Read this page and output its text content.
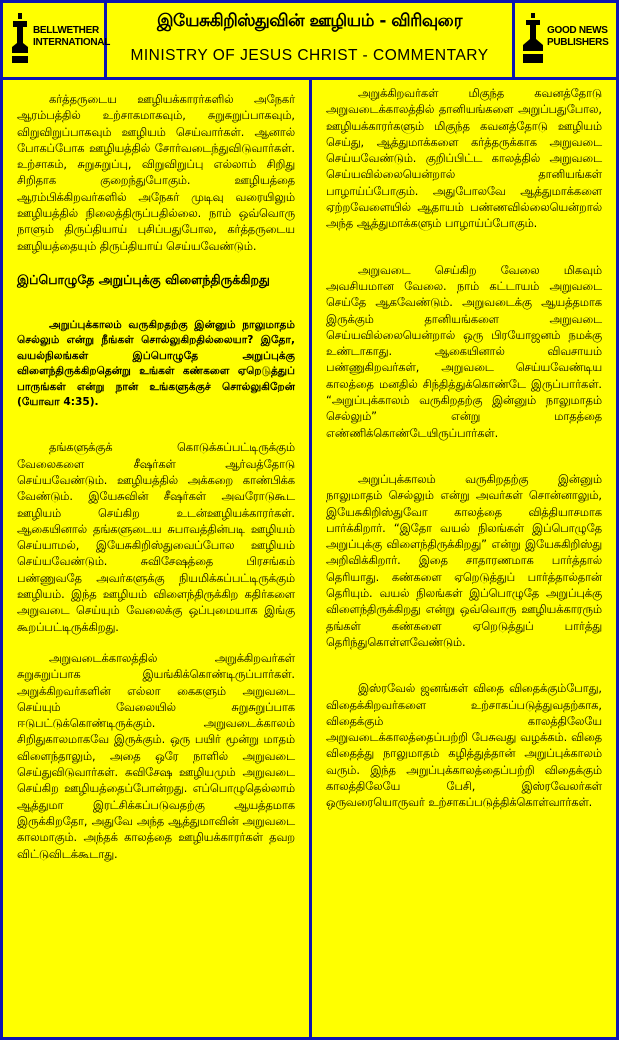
BELLWETHER INTERNATIONAL
இயேசுகிறிஸ்துவின் ஊழியம் - விரிவுரை
MINISTRY OF JESUS CHRIST - COMMENTARY
GOOD NEWS PUBLISHERS

கர்த்தருடைய ஊழியக்காரர்களில் அநேகர் ஆரம்பத்தில் உற்சாகமாகவும், சுறுசுறுப்பாகவும், விறுவிறுப்பாகவும் ஊழியம் செய்வார்கள். ஆனால் போகப்போக ஊழியத்தில் சோர்வடைந்துவிடுவார்கள். உற்சாகம், சுறுசுறுப்பு, விறுவிறுப்பு எல்லாம் சிறிது சிறிதாக குறைந்துபோகும். ஊழியத்தை ஆரம்பிக்கிறவர்களில் அநேகர் முடிவு வரையிலும் ஊழியத்தில் நிலைத்திருப்பதில்லை. நாம் ஒவ்வொரு நாளும் திருப்தியாய் புசிப்பதுபோல, கர்த்தருடைய ஊழியத்தையும் திருப்தியாய் செய்யவேண்டும்.

இப்பொழுதே அறுப்புக்கு விளைந்திருக்கிறது

அறுப்புக்காலம் வருகிறதற்கு இன்னும் நாலுமாதம் செல்லும் என்று நீங்கள் சொல்லுகிறதில்லையா? இதோ, வயல்நிலங்கள் இப்பொழுதே அறுப்புக்கு விளைந்திருக்கிறதென்று உங்கள் கண்களை ஏறெடுத்துப் பாருங்கள் என்று நான் உங்களுக்குச் சொல்லுகிறேன் (யோவா 4:35).

தங்களுக்குக் கொடுக்கப்பட்டிருக்கும் வேலைகளை சீஷர்கள் ஆர்வத்தோடு செய்யவேண்டும். ஊழியத்தில் அக்கறை காண்பிக்க வேண்டும். இயேசுவின் சீஷர்கள் அவரோடுகூட ஊழியம் செய்கிற உடன்ஊழியக்காரர்கள். ஆகையினால் தங்களுடைய சுபாவத்தின்படி ஊழியம் செய்யாமல், இயேசுகிறிஸ்துவைப்போல ஊழியம் செய்யவேண்டும். சுவிசேஷத்தை பிரசங்கம் பண்ணுவதே அவர்களுக்கு நியமிக்கப்பட்டிருக்கும் ஊழியம். இந்த ஊழியம் விளைந்திருக்கிற கதிர்களை அறுவடை செய்யும் வேலைக்கு ஒப்புமையாக இங்கு கூறப்பட்டிருக்கிறது.

அறுவடைக்காலத்தில் அறுக்கிறவர்கள் சுறுசுறுப்பாக இயங்கிக்கொண்டிருப்பார்கள். அறுக்கிறவர்களின் எல்லா கைகளும் அறுவடை செய்யும் வேலையில் சுறுசுறுப்பாக ஈடுபட்டுக்கொண்டிருக்கும். அறுவடைக்காலம் சிறிதுகாலமாகவே இருக்கும். ஒரு பயிர் மூன்று மாதம் விளைந்தாலும், அதை ஒரே நாளில் அறுவடை செய்துவிடுவார்கள். சுவிசேஷ ஊழியமும் அறுவடை செய்கிற ஊழியத்தைப்போன்றது. எப்பொழுதெல்லாம் ஆத்துமா இரட்சிக்கப்படுவதற்கு ஆயத்தமாக இருக்கிறதோ, அதுவே அந்த ஆத்துமாவின் அறுவடை காலமாகும். அந்தக் காலத்தை ஊழியக்காரர்கள் தவற விட்டுவிடக்கூடாது.

அறுக்கிறவர்கள் மிகுந்த கவனத்தோடு அறுவடைக்காலத்தில் தானியங்களை அறுப்பதுபோல, ஊழியக்காரர்களும் மிகுந்த கவனத்தோடு ஊழியம் செய்து, ஆத்துமாக்களை கர்த்தருக்காக அறுவடை செய்யவேண்டும். குறிப்பிட்ட காலத்தில் அறுவடை செய்யவில்லையென்றால் தானியங்கள் பாழாய்ப்போகும். அதுபோலவே ஆத்துமாக்களை ஏற்றவேளையில் ஆதாயம் பண்ணவில்லையென்றால் அந்த ஆத்துமாக்களும் பாழாய்ப்போகும்.

அறுவடை செய்கிற வேலை மிகவும் அவசியமான வேலை. நாம் கட்டாயம் அறுவடை செய்தே ஆகவேண்டும். அறுவடைக்கு ஆயத்தமாக இருக்கும் தானியங்களை அறுவடை செய்யவில்லையென்றால் ஒரு பிரயோஜனம் நமக்கு உண்டாகாது. ஆகையினால் விவசாயம் பண்ணுகிறவர்கள், அறுவடை செய்யவேண்டிய காலத்தை மனதில் சிந்தித்துக்கொண்டே இருப்பார்கள். “அறுப்புக்காலம் வருகிறதற்கு இன்னும் நாலுமாதம் செல்லும்” என்று மாதத்தை எண்ணிக்கொண்டேயிருப்பார்கள்.

அறுப்புக்காலம் வருகிறதற்கு இன்னும் நாலுமாதம் செல்லும் என்று அவர்கள் சொன்னாலும், இயேசுகிறிஸ்துவோ காலத்தை வித்தியாசமாக பார்க்கிறார். “இதோ வயல் நிலங்கள் இப்பொழுதே அறுப்புக்கு விளைந்திருக்கிறது” என்று இயேசுகிறிஸ்து அறிவிக்கிறார். இதை சாதாரணமாக பார்த்தால் தெரியாது. கண்களை ஏறெடுத்துப் பார்த்தால்தான் தெரியும். வயல் நிலங்கள் இப்பொழுதே அறுப்புக்கு விளைந்திருக்கிறது என்று ஒவ்வொரு ஊழியக்காரரும் தங்கள் கண்களை ஏறெடுத்துப் பார்த்து தெரிந்துகொள்ளவேண்டும்.

இஸ்ரவேல் ஜனங்கள் விதை விதைக்கும்போது, விதைக்கிறவர்களை உற்சாகப்படுத்துவதற்காக, விதைக்கும் காலத்திலேயே அறுவடைக்காலத்தைப்பற்றி பேசுவது வழக்கம். விதை விதைத்து நாலுமாதம் கழித்துத்தான் அறுப்புக்காலம் வரும். இந்த அறுப்புக்காலத்தைப்பற்றி விதைக்கும் காலத்திலேயே பேசி, இஸ்ரவேலர்கள் ஒருவரையொருவர் உற்சாகப்படுத்திக்கொள்வார்கள்.
